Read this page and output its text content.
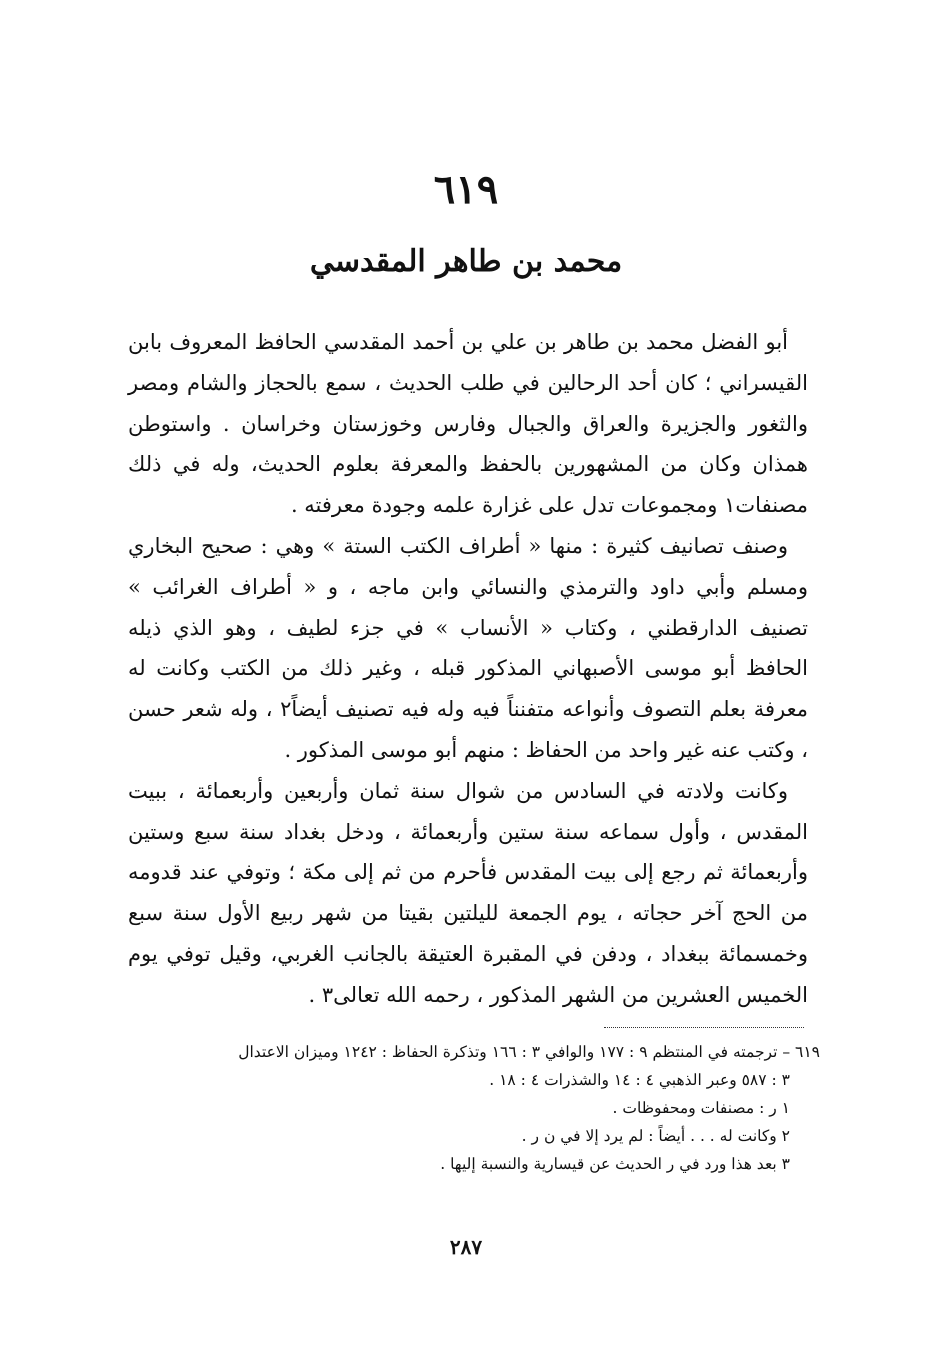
٦١٩
محمد بن طاهر المقدسي

أبو الفضل محمد بن طاهر بن علي بن أحمد المقدسي الحافظ المعروف بابن القيسراني ؛ كان أحد الرحالين في طلب الحديث ، سمع بالحجاز والشام ومصر والثغور والجزيرة والعراق والجبال وفارس وخوزستان وخراسان . واستوطن همذان وكان من المشهورين بالحفظ والمعرفة بعلوم الحديث، وله في ذلك مصنفات١ ومجموعات تدل على غزارة علمه وجودة معرفته .

وصنف تصانيف كثيرة : منها « أطراف الكتب الستة » وهي : صحيح البخاري ومسلم وأبي داود والترمذي والنسائي وابن ماجه ، و « أطراف الغرائب » تصنيف الدارقطني ، وكتاب « الأنساب » في جزء لطيف ، وهو الذي ذيله الحافظ أبو موسى الأصبهاني المذكور قبله ، وغير ذلك من الكتب وكانت له معرفة بعلم التصوف وأنواعه متفنناً فيه وله فيه تصنيف أيضاً٢ ، وله شعر حسن ، وكتب عنه غير واحد من الحفاظ : منهم أبو موسى المذكور .

وكانت ولادته في السادس من شوال سنة ثمان وأربعين وأربعمائة ، ببيت المقدس ، وأول سماعه سنة ستين وأربعمائة ، ودخل بغداد سنة سبع وستين وأربعمائة ثم رجع إلى بيت المقدس فأحرم من ثم إلى مكة ؛ وتوفي عند قدومه من الحج آخر حجاته ، يوم الجمعة لليلتين بقيتا من شهر ربيع الأول سنة سبع وخمسمائة ببغداد ، ودفن في المقبرة العتيقة بالجانب الغربي، وقيل توفي يوم الخميس العشرين من الشهر المذكور ، رحمه الله تعالى٣ .

٦١٩ – ترجمته في المنتظم ٩ : ١٧٧ والوافي ٣ : ١٦٦ وتذكرة الحفاظ : ١٢٤٢ وميزان الاعتدال
٣ : ٥٨٧ وعبر الذهبي ٤ : ١٤ والشذرات ٤ : ١٨ .
١ ر : مصنفات ومحفوظات .
٢ وكانت له . . . أيضاً : لم يرد إلا في ن ر .
٣ بعد هذا ورد في ر الحديث عن قيسارية والنسبة إليها .
٢٨٧
